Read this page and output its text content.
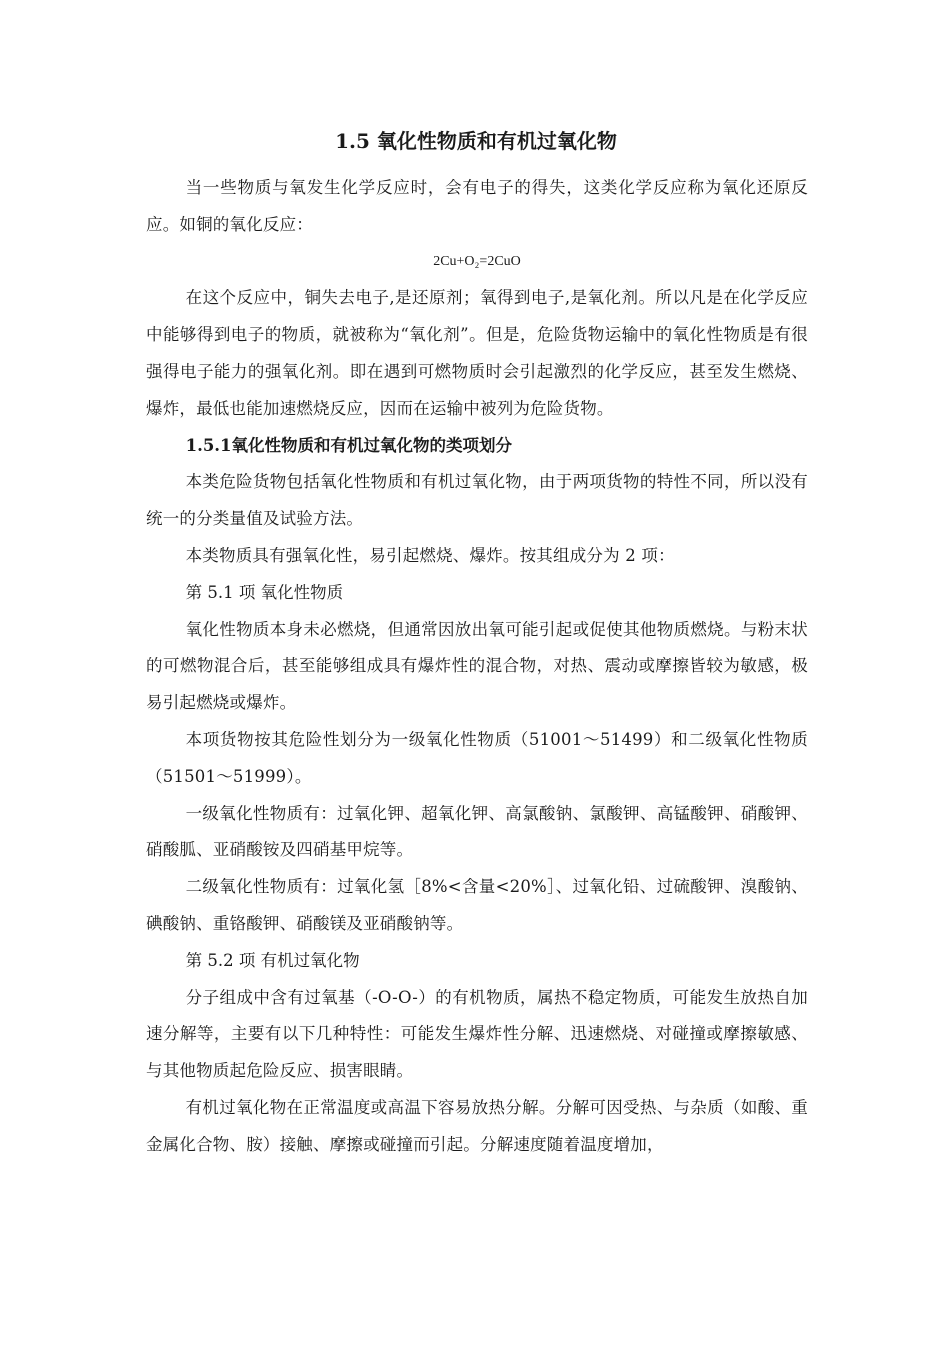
1.5 氧化性物质和有机过氧化物

当一些物质与氧发生化学反应时，会有电子的得失，这类化学反应称为氧化还原反应。如铜的氧化反应：

2Cu+O₂=2CuO

在这个反应中，铜失去电子,是还原剂；氧得到电子,是氧化剂。所以凡是在化学反应中能够得到电子的物质，就被称为“氧化剂”。但是，危险货物运输中的氧化性物质是有很强得电子能力的强氧化剂。即在遇到可燃物质时会引起激烈的化学反应，甚至发生燃烧、爆炸，最低也能加速燃烧反应，因而在运输中被列为危险货物。

1.5.1氧化性物质和有机过氧化物的类项划分

本类危险货物包括氧化性物质和有机过氧化物，由于两项货物的特性不同，所以没有统一的分类量值及试验方法。

本类物质具有强氧化性，易引起燃烧、爆炸。按其组成分为 2 项：

第 5.1 项 氧化性物质

氧化性物质本身未必燃烧，但通常因放出氧可能引起或促使其他物质燃烧。与粉末状的可燃物混合后，甚至能够组成具有爆炸性的混合物，对热、震动或摩擦皆较为敏感，极易引起燃烧或爆炸。

本项货物按其危险性划分为一级氧化性物质（51001～51499）和二级氧化性物质（51501～51999）。

一级氧化性物质有：过氧化钾、超氧化钾、高氯酸钠、氯酸钾、高锰酸钾、硝酸钾、硝酸胍、亚硝酸铵及四硝基甲烷等。

二级氧化性物质有：过氧化氢［8%<含量<20%］、过氧化铅、过硫酸钾、溴酸钠、碘酸钠、重铬酸钾、硝酸镁及亚硝酸钠等。

第 5.2 项 有机过氧化物

分子组成中含有过氧基（-O-O-）的有机物质，属热不稳定物质，可能发生放热自加速分解等，主要有以下几种特性：可能发生爆炸性分解、迅速燃烧、对碰撞或摩擦敏感、与其他物质起危险反应、损害眼睛。

有机过氧化物在正常温度或高温下容易放热分解。分解可因受热、与杂质（如酸、重金属化合物、胺）接触、摩擦或碰撞而引起。分解速度随着温度增加，
